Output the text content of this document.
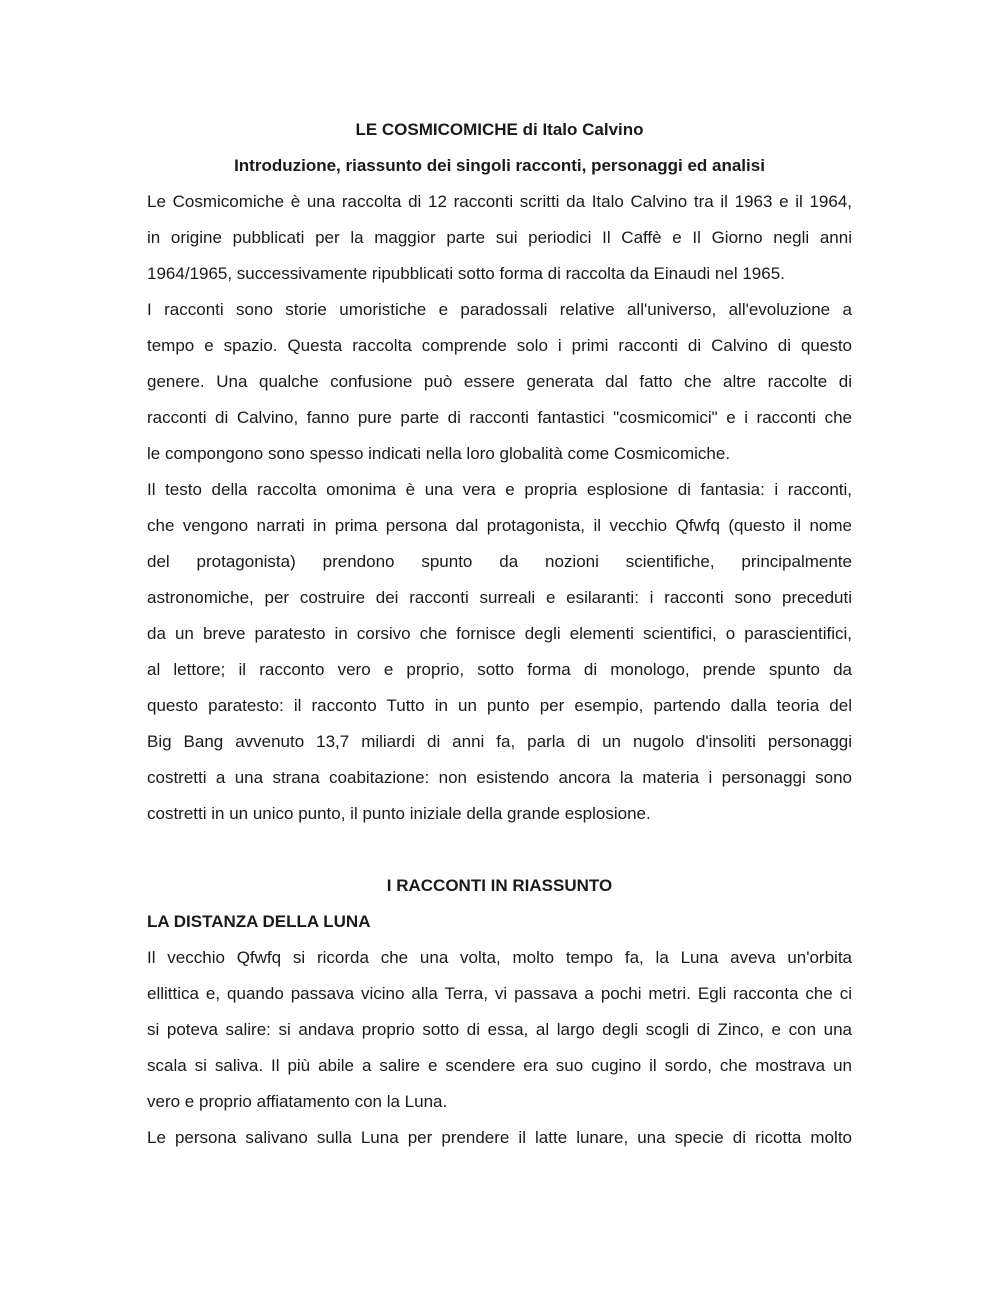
LE COSMICOMICHE di Italo Calvino
Introduzione, riassunto dei singoli racconti, personaggi ed analisi
Le Cosmicomiche è una raccolta di 12 racconti scritti da Italo Calvino tra il 1963 e il 1964,
in origine pubblicati per la maggior parte sui periodici Il Caffè e Il Giorno negli anni
1964/1965, successivamente ripubblicati sotto forma di raccolta da Einaudi nel 1965.
I racconti sono storie umoristiche e paradossali relative all'universo, all'evoluzione a
tempo e spazio. Questa raccolta comprende solo i primi racconti di Calvino di questo
genere. Una qualche confusione può essere generata dal fatto che altre raccolte di
racconti di Calvino, fanno pure parte di racconti fantastici "cosmicomici" e i racconti che
le compongono sono spesso indicati nella loro globalità come Cosmicomiche.
Il testo della raccolta omonima è una vera e propria esplosione di fantasia: i racconti,
che vengono narrati in prima persona dal protagonista, il vecchio Qfwfq (questo il nome
del protagonista) prendono spunto da nozioni scientifiche, principalmente
astronomiche, per costruire dei racconti surreali e esilaranti: i racconti sono preceduti
da un breve paratesto in corsivo che fornisce degli elementi scientifici, o parascientifici,
al lettore; il racconto vero e proprio, sotto forma di monologo, prende spunto da
questo paratesto: il racconto Tutto in un punto per esempio, partendo dalla teoria del
Big Bang avvenuto 13,7 miliardi di anni fa, parla di un nugolo d'insoliti personaggi
costretti a una strana coabitazione: non esistendo ancora la materia i personaggi sono
costretti in un unico punto, il punto iniziale della grande esplosione.
I RACCONTI IN RIASSUNTO
LA DISTANZA DELLA LUNA
Il vecchio Qfwfq si ricorda che una volta, molto tempo fa, la Luna aveva un'orbita
ellittica e, quando passava vicino alla Terra, vi passava a pochi metri. Egli racconta che ci
si poteva salire: si andava proprio sotto di essa, al largo degli scogli di Zinco, e con una
scala si saliva. Il più abile a salire e scendere era suo cugino il sordo, che mostrava un
vero e proprio affiatamento con la Luna.
Le persona salivano sulla Luna per prendere il latte lunare, una specie di ricotta molto
